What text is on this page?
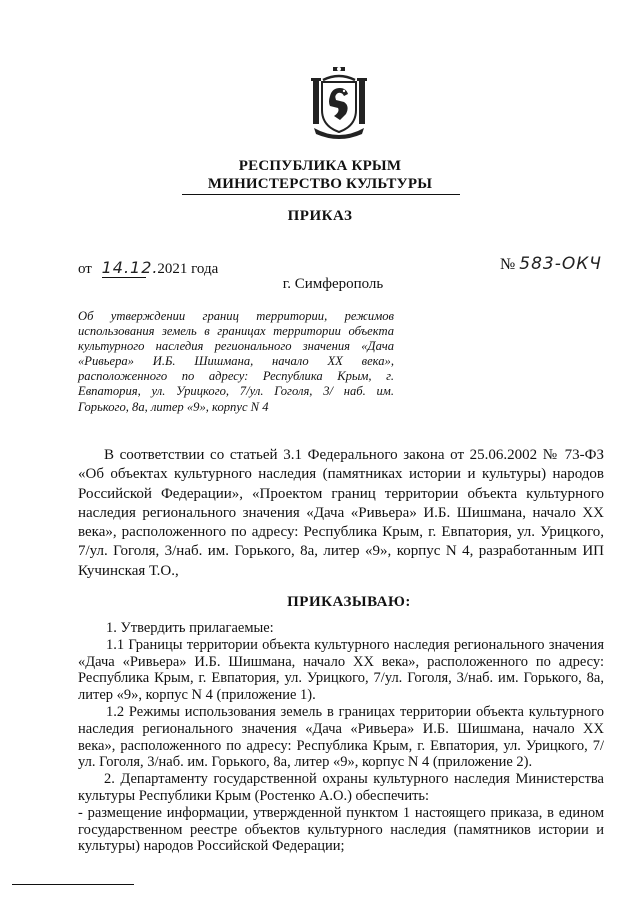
РЕСПУБЛИКА КРЫМ
МИНИСТЕРСТВО КУЛЬТУРЫ
ПРИКАЗ
от 14.12. 2021 года	№ 583-ОКЧ
г. Симферополь
Об утверждении границ территории, режимов использования земель в границах территории объекта культурного наследия регионального значения «Дача «Ривьера» И.Б. Шишмана, начало XX века», расположенного по адресу: Республика Крым, г. Евпатория, ул. Урицкого, 7/ул. Гоголя, 3/ наб. им. Горького, 8а, литер «9», корпус N 4
В соответствии со статьей 3.1 Федерального закона от 25.06.2002 № 73-ФЗ «Об объектах культурного наследия (памятниках истории и культуры) народов Российской Федерации», «Проектом границ территории объекта культурного наследия регионального значения «Дача «Ривьера» И.Б. Шишмана, начало XX века», расположенного по адресу: Республика Крым, г. Евпатория, ул. Урицкого, 7/ул. Гоголя, 3/наб. им. Горького, 8а, литер «9», корпус N 4, разработанным ИП Кучинская Т.О.,
ПРИКАЗЫВАЮ:

1. Утвердить прилагаемые:

1.1 Границы территории объекта культурного наследия регионального значения «Дача «Ривьера» И.Б. Шишмана, начало XX века», расположенного по адресу: Республика Крым, г. Евпатория, ул. Урицкого, 7/ул. Гоголя, 3/наб. им. Горького, 8а, литер «9», корпус N 4 (приложение 1).

1.2 Режимы использования земель в границах территории объекта культурного наследия регионального значения «Дача «Ривьера» И.Б. Шишмана, начало XX века», расположенного по адресу: Республика Крым, г. Евпатория, ул. Урицкого, 7/ул. Гоголя, 3/наб. им. Горького, 8а, литер «9», корпус N 4 (приложение 2).

2. Департаменту государственной охраны культурного наследия Министерства культуры Республики Крым (Ростенко А.О.) обеспечить:

- размещение информации, утвержденной пунктом 1 настоящего приказа, в едином государственном реестре объектов культурного наследия (памятников истории и культуры) народов Российской Федерации;
